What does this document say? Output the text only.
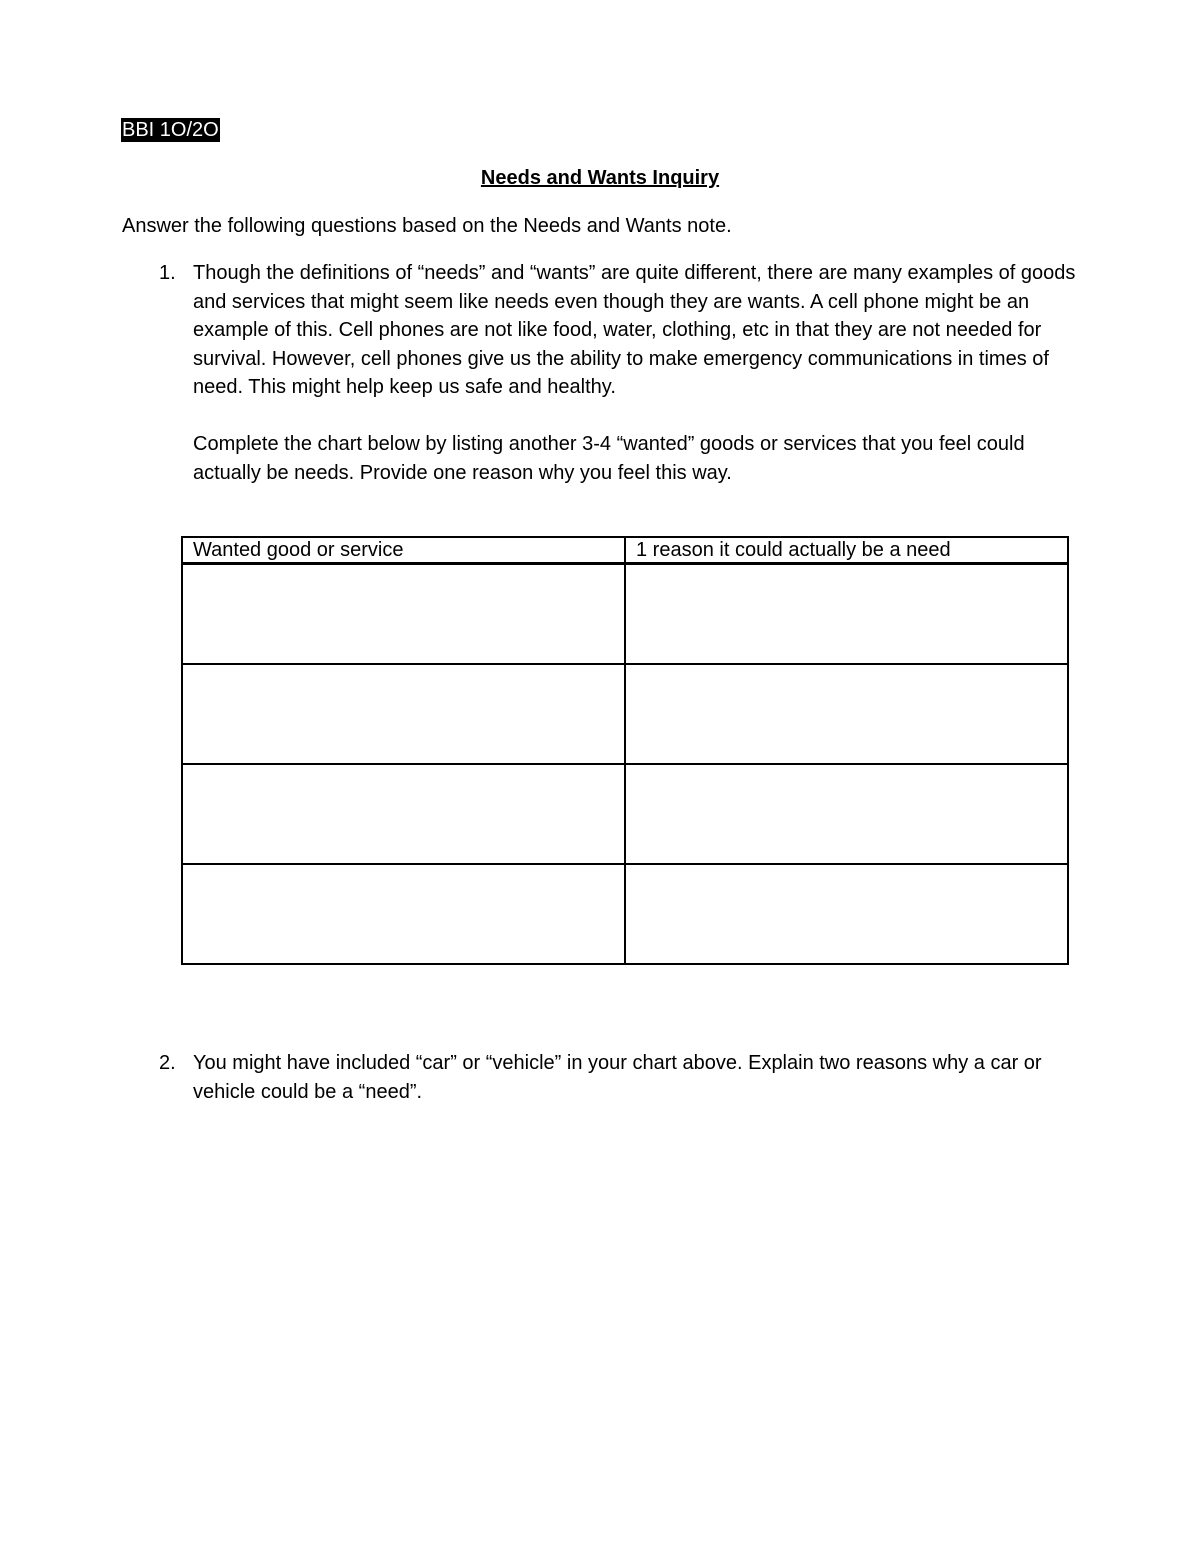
BBI 1O/2O
Needs and Wants Inquiry
Answer the following questions based on the Needs and Wants note.
1. Though the definitions of “needs” and “wants” are quite different, there are many examples of goods and services that might seem like needs even though they are wants. A cell phone might be an example of this. Cell phones are not like food, water, clothing, etc in that they are not needed for survival. However, cell phones give us the ability to make emergency communications in times of need. This might help keep us safe and healthy.

Complete the chart below by listing another 3-4 “wanted” goods or services that you feel could actually be needs. Provide one reason why you feel this way.

Wanted good or service	1 reason it could actually be a need

2. You might have included “car” or “vehicle” in your chart above. Explain two reasons why a car or vehicle could be a “need”.
